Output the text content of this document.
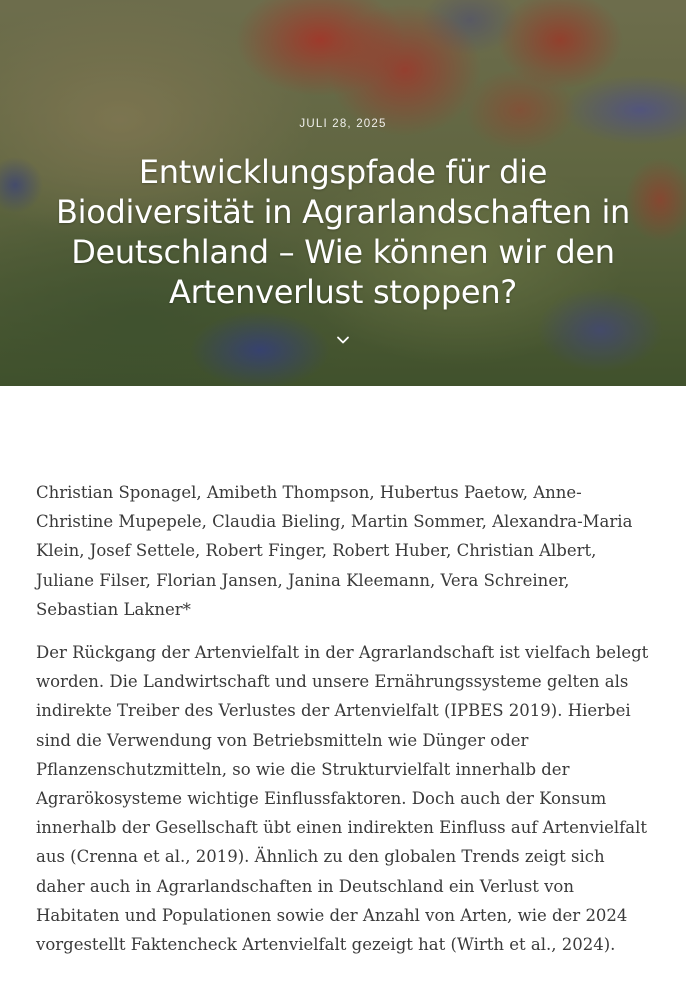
JULI 28, 2025
Entwicklungspfade für die Biodiversität in Agrarlandschaften in Deutschland – Wie können wir den Artenverlust stoppen?

Christian Sponagel, Amibeth Thompson, Hubertus Paetow, Anne-Christine Mupepele, Claudia Bieling, Martin Sommer, Alexandra-Maria Klein, Josef Settele, Robert Finger, Robert Huber, Christian Albert, Juliane Filser, Florian Jansen, Janina Kleemann, Vera Schreiner, Sebastian Lakner*

Der Rückgang der Artenvielfalt in der Agrarlandschaft ist vielfach belegt worden. Die Landwirtschaft und unsere Ernährungssysteme gelten als indirekte Treiber des Verlustes der Artenvielfalt (IPBES 2019). Hierbei sind die Verwendung von Betriebsmitteln wie Dünger oder Pflanzenschutzmitteln, so wie die Strukturvielfalt innerhalb der Agrarökosysteme wichtige Einflussfaktoren. Doch auch der Konsum innerhalb der Gesellschaft übt einen indirekten Einfluss auf Artenvielfalt aus (Crenna et al., 2019). Ähnlich zu den globalen Trends zeigt sich daher auch in Agrarlandschaften in Deutschland ein Verlust von Habitaten und Populationen sowie der Anzahl von Arten, wie der 2024 vorgestellt Faktencheck Artenvielfalt gezeigt hat (Wirth et al., 2024).
